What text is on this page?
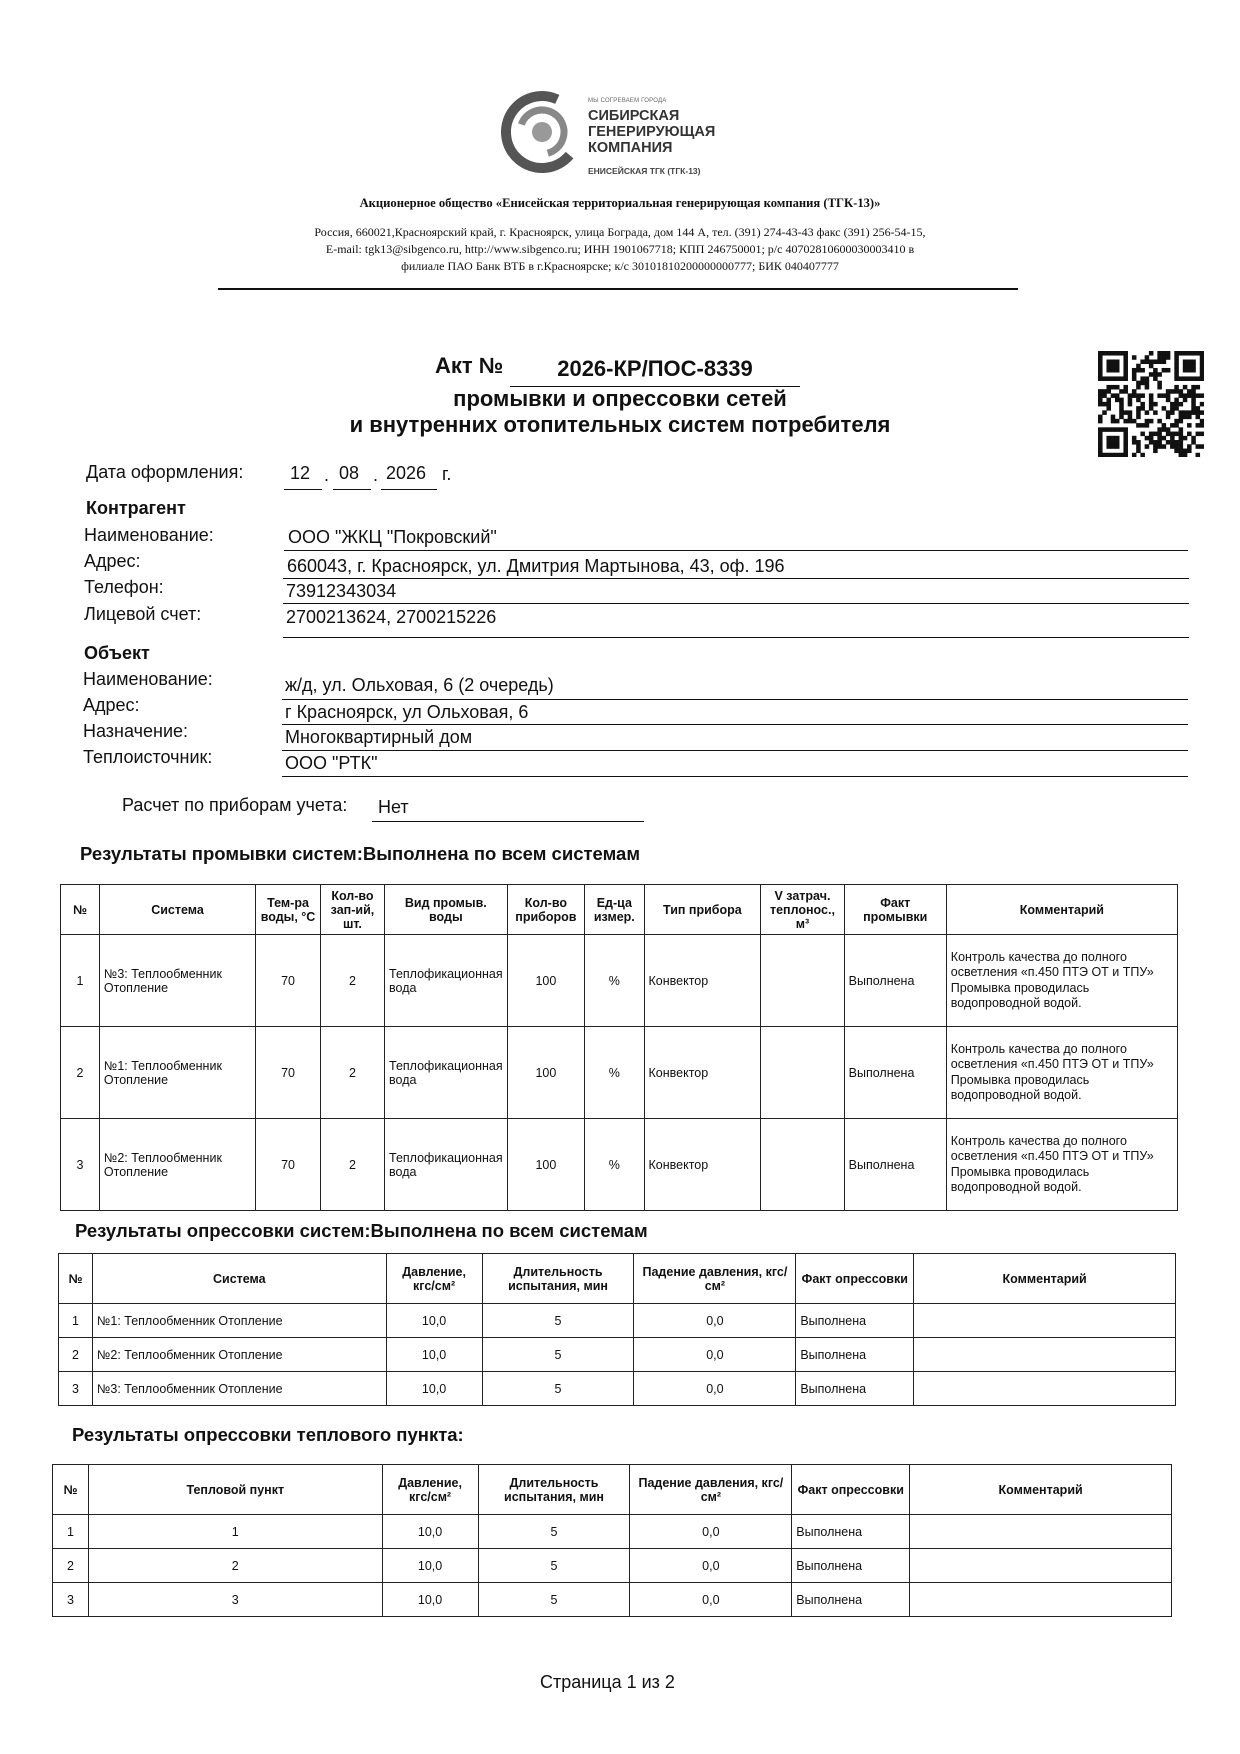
МЫ СОГРЕВАЕМ ГОРОДА
СИБИРСКАЯ
ГЕНЕРИРУЮЩАЯ
КОМПАНИЯ
ЕНИСЕЙСКАЯ ТГК (ТГК-13)
Акционерное общество «Енисейская территориальная генерирующая компания (ТГК-13)»
Россия, 660021,Красноярский край, г. Красноярск, улица Бограда, дом 144 А, тел. (391) 274-43-43 факс (391) 256-54-15,
E-mail: tgk13@sibgenco.ru, http://www.sibgenco.ru; ИНН 1901067718; КПП 246750001; р/с 40702810600030003410 в
филиале ПАО Банк ВТБ в г.Красноярске; к/с 30101810200000000777; БИК 040407777
Акт №	2026-КР/ПОС-8339
промывки и опрессовки сетей
и внутренних отопительных систем потребителя
Дата оформления:	12 . 08 . 2026 г.
Контрагент
Наименование:	ООО "ЖКЦ "Покровский"
Адрес:	660043, г. Красноярск, ул. Дмитрия Мартынова, 43, оф. 196
Телефон:	73912343034
Лицевой счет:	2700213624, 2700215226
Объект
Наименование:	ж/д, ул. Ольховая, 6 (2 очередь)
Адрес:	г Красноярск, ул Ольховая, 6
Назначение:	Многоквартирный дом
Теплоисточник:	ООО "РТК"
Расчет по приборам учета: Нет
Результаты промывки систем:Выполнена по всем системам
№	Система	Тем-ра воды, °С	Кол-во зап-ий, шт.	Вид промыв. воды	Кол-во приборов	Ед-ца измер.	Тип прибора	V затрач. теплонос., м³	Факт промывки	Комментарий
1	№3: Теплообменник Отопление	70	2	Теплофикационная вода	100	%	Конвектор		Выполнена	Контроль качества до полного осветления «п.450 ПТЭ ОТ и ТПУ» Промывка проводилась водопроводной водой.
2	№1: Теплообменник Отопление	70	2	Теплофикационная вода	100	%	Конвектор		Выполнена	Контроль качества до полного осветления «п.450 ПТЭ ОТ и ТПУ» Промывка проводилась водопроводной водой.
3	№2: Теплообменник Отопление	70	2	Теплофикационная вода	100	%	Конвектор		Выполнена	Контроль качества до полного осветления «п.450 ПТЭ ОТ и ТПУ» Промывка проводилась водопроводной водой.
Результаты опрессовки систем:Выполнена по всем системам
№	Система	Давление, кгс/см²	Длительность испытания, мин	Падение давления, кгс/см²	Факт опрессовки	Комментарий
1	№1: Теплообменник Отопление	10,0	5	0,0	Выполнена	
2	№2: Теплообменник Отопление	10,0	5	0,0	Выполнена	
3	№3: Теплообменник Отопление	10,0	5	0,0	Выполнена	
Результаты опрессовки теплового пункта:
№	Тепловой пункт	Давление, кгс/см²	Длительность испытания, мин	Падение давления, кгс/см²	Факт опрессовки	Комментарий
1	1	10,0	5	0,0	Выполнена	
2	2	10,0	5	0,0	Выполнена	
3	3	10,0	5	0,0	Выполнена	
Страница 1 из 2
